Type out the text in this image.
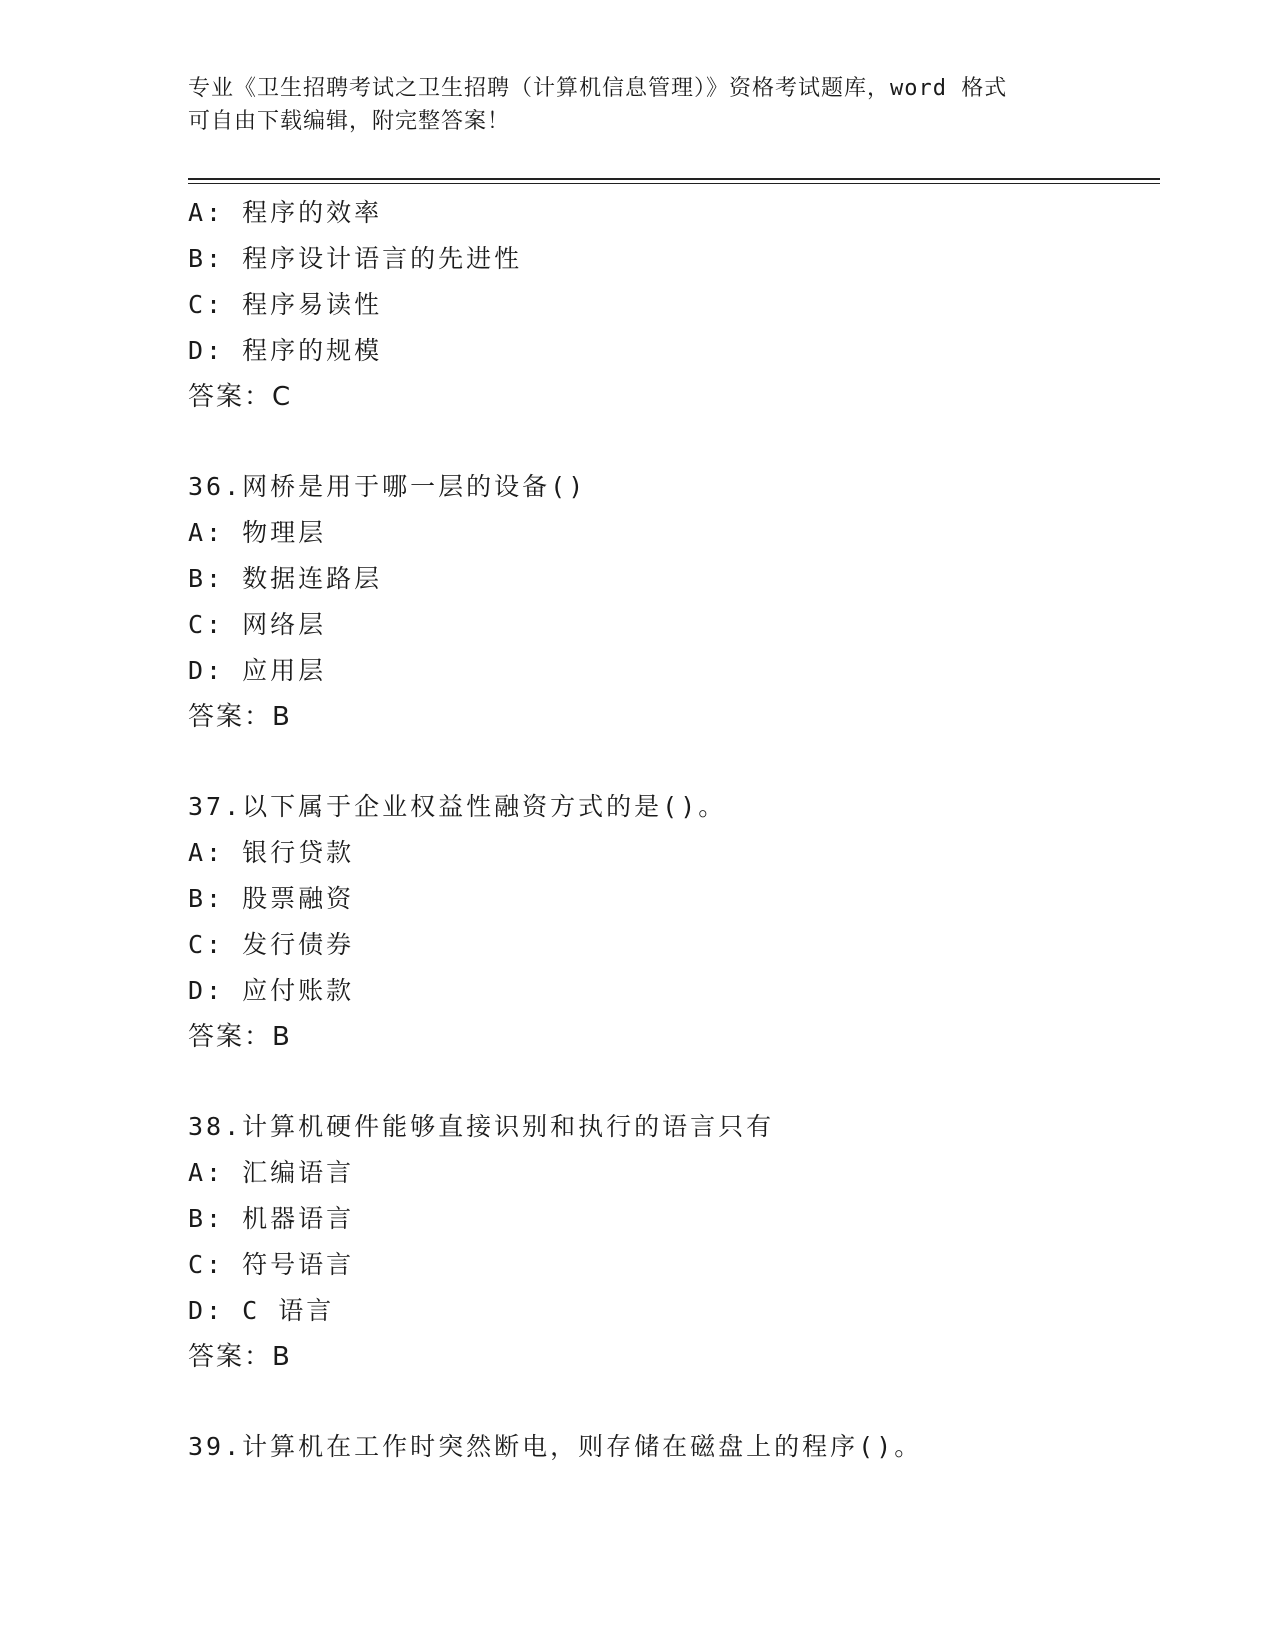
专业《卫生招聘考试之卫生招聘（计算机信息管理）》资格考试题库，word 格式
可自由下载编辑，附完整答案！
A: 程序的效率
B: 程序设计语言的先进性
C: 程序易读性
D: 程序的规模
答案：C
36.网桥是用于哪一层的设备()
A: 物理层
B: 数据连路层
C: 网络层
D: 应用层
答案：B
37.以下属于企业权益性融资方式的是()。
A: 银行贷款
B: 股票融资
C: 发行债券
D: 应付账款
答案：B
38.计算机硬件能够直接识别和执行的语言只有
A: 汇编语言
B: 机器语言
C: 符号语言
D: C 语言
答案：B
39.计算机在工作时突然断电，则存储在磁盘上的程序()。
